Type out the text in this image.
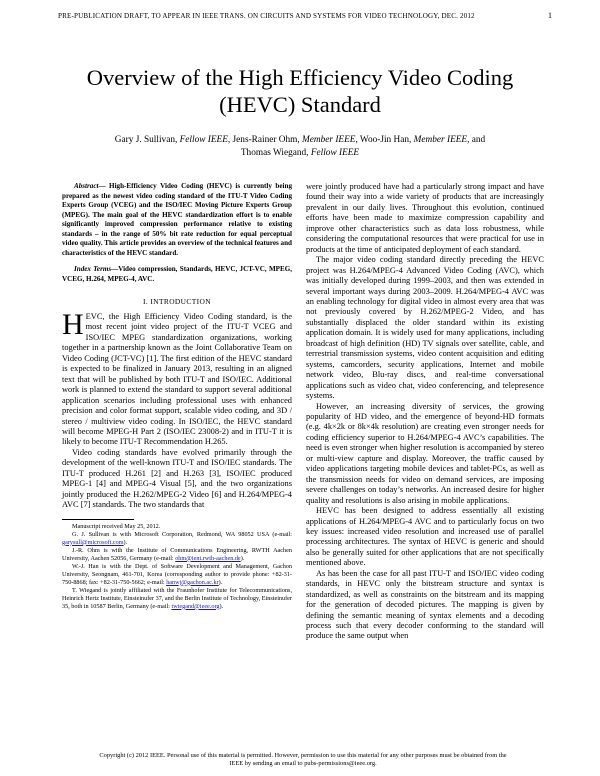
PRE-PUBLICATION DRAFT, TO APPEAR IN IEEE TRANS. ON CIRCUITS AND SYSTEMS FOR VIDEO TECHNOLOGY, DEC. 2012	1
Overview of the High Efficiency Video Coding
(HEVC) Standard
Gary J. Sullivan, Fellow IEEE, Jens-Rainer Ohm, Member IEEE, Woo-Jin Han, Member IEEE, and
Thomas Wiegand, Fellow IEEE

Abstract— High-Efficiency Video Coding (HEVC) is currently being prepared as the newest video coding standard of the ITU-T Video Coding Experts Group (VCEG) and the ISO/IEC Moving Picture Experts Group (MPEG). The main goal of the HEVC standardization effort is to enable significantly improved compression performance relative to existing standards – in the range of 50% bit rate reduction for equal perceptual video quality. This article provides an overview of the technical features and characteristics of the HEVC standard.

Index Terms—Video compression, Standards, HEVC, JCT-VC, MPEG, VCEG, H.264, MPEG-4, AVC.

I. INTRODUCTION

HEVC, the High Efficiency Video Coding standard, is the most recent joint video project of the ITU-T VCEG and ISO/IEC MPEG standardization organizations, working together in a partnership known as the Joint Collaborative Team on Video Coding (JCT-VC) [1]. The first edition of the HEVC standard is expected to be finalized in January 2013, resulting in an aligned text that will be published by both ITU-T and ISO/IEC. Additional work is planned to extend the standard to support several additional application scenarios including professional uses with enhanced precision and color format support, scalable video coding, and 3D / stereo / multiview video coding. In ISO/IEC, the HEVC standard will become MPEG-H Part 2 (ISO/IEC 23008-2) and in ITU-T it is likely to become ITU-T Recommendation H.265.

Video coding standards have evolved primarily through the development of the well-known ITU-T and ISO/IEC standards. The ITU-T produced H.261 [2] and H.263 [3], ISO/IEC produced MPEG-1 [4] and MPEG-4 Visual [5], and the two organizations jointly produced the H.262/MPEG-2 Video [6] and H.264/MPEG-4 AVC [7] standards. The two standards that

Manuscript received May 25, 2012.

G. J. Sullivan is with Microsoft Corporation, Redmond, WA 98052 USA (e-mail: garysull@microsoft.com).

J.-R. Ohm is with the Institute of Communications Engineering, RWTH Aachen University, Aachen 52056, Germany (e-mail: ohm@ient.rwth-aachen.de).

W.-J. Han is with the Dept. of Software Development and Management, Gachon University, Seongnam, 461-701, Korea (corresponding author to provide phone: +82-31-750-8868; fax: +82-31-750-5662; e-mail: hanwj@gachon.ac.kr).

T. Wiegand is jointly affiliated with the Fraunhofer Institute for Telecommunications, Heinrich Hertz Institute, Einsteinufer 37, and the Berlin Institute of Technology, Einsteinufer 35, both in 10587 Berlin, Germany (e-mail: twiegand@ieee.org).

were jointly produced have had a particularly strong impact and have found their way into a wide variety of products that are increasingly prevalent in our daily lives. Throughout this evolution, continued efforts have been made to maximize compression capability and improve other characteristics such as data loss robustness, while considering the computational resources that were practical for use in products at the time of anticipated deployment of each standard.

The major video coding standard directly preceding the HEVC project was H.264/MPEG-4 Advanced Video Coding (AVC), which was initially developed during 1999–2003, and then was extended in several important ways during 2003–2009. H.264/MPEG-4 AVC was an enabling technology for digital video in almost every area that was not previously covered by H.262/MPEG-2 Video, and has substantially displaced the older standard within its existing application domain. It is widely used for many applications, including broadcast of high definition (HD) TV signals over satellite, cable, and terrestrial transmission systems, video content acquisition and editing systems, camcorders, security applications, Internet and mobile network video, Blu-ray discs, and real-time conversational applications such as video chat, video conferencing, and telepresence systems.

However, an increasing diversity of services, the growing popularity of HD video, and the emergence of beyond-HD formats (e.g. 4k×2k or 8k×4k resolution) are creating even stronger needs for coding efficiency superior to H.264/MPEG-4 AVC’s capabilities. The need is even stronger when higher resolution is accompanied by stereo or multi-view capture and display. Moreover, the traffic caused by video applications targeting mobile devices and tablet-PCs, as well as the transmission needs for video on demand services, are imposing severe challenges on today’s networks. An increased desire for higher quality and resolutions is also arising in mobile applications.

HEVC has been designed to address essentially all existing applications of H.264/MPEG-4 AVC and to particularly focus on two key issues: increased video resolution and increased use of parallel processing architectures. The syntax of HEVC is generic and should also be generally suited for other applications that are not specifically mentioned above.

As has been the case for all past ITU-T and ISO/IEC video coding standards, in HEVC only the bitstream structure and syntax is standardized, as well as constraints on the bitstream and its mapping for the generation of decoded pictures. The mapping is given by defining the semantic meaning of syntax elements and a decoding process such that every decoder conforming to the standard will produce the same output when

Copyright (c) 2012 IEEE. Personal use of this material is permitted. However, permission to use this material for any other purposes must be obtained from the
IEEE by sending an email to pubs-permissions@ieee.org.
